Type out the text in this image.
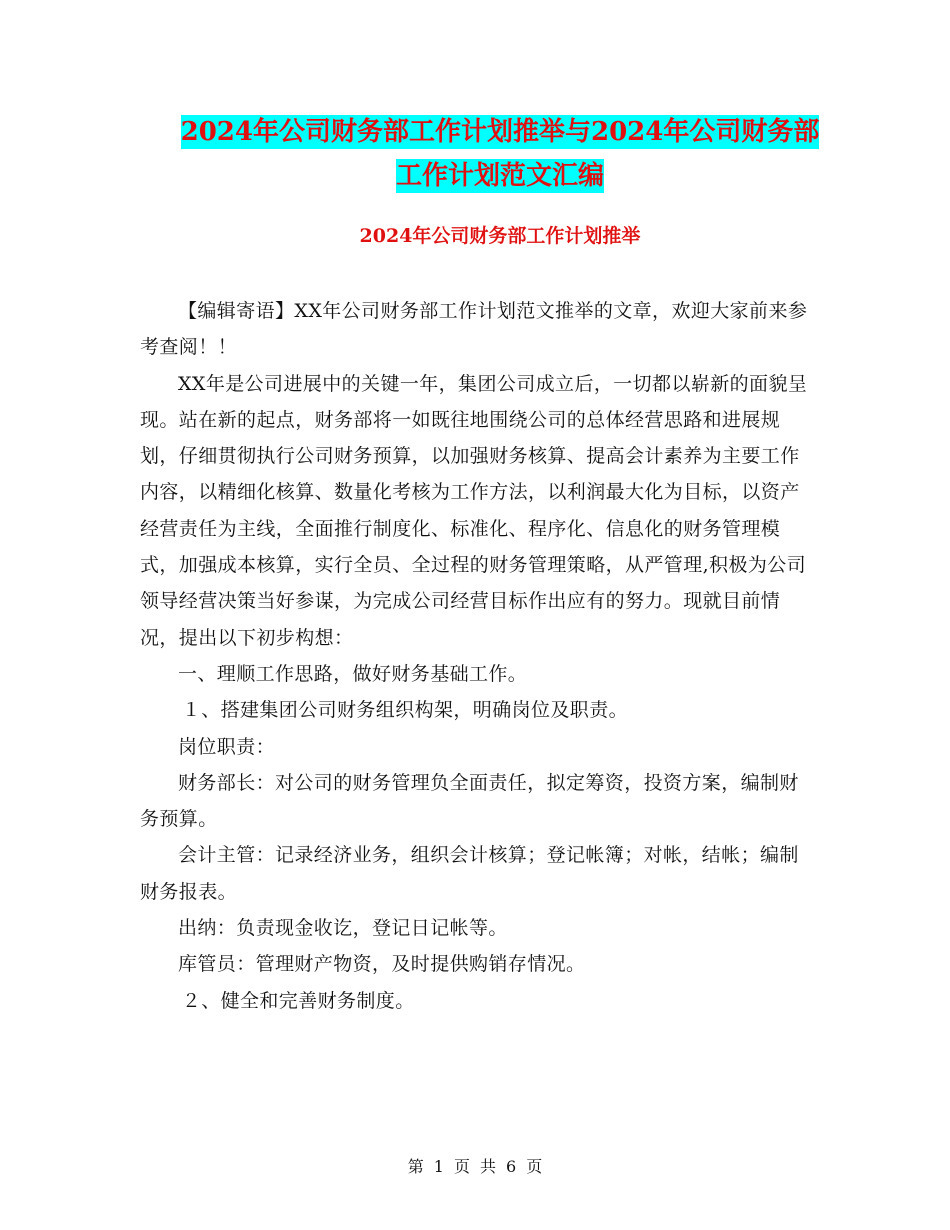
2024年公司财务部工作计划推举与2024年公司财务部
工作计划范文汇编
2024年公司财务部工作计划推举

【编辑寄语】XX年公司财务部工作计划范文推举的文章，欢迎大家前来参考查阅！！

XX年是公司进展中的关键一年，集团公司成立后，一切都以崭新的面貌呈现。站在新的起点，财务部将一如既往地围绕公司的总体经营思路和进展规划，仔细贯彻执行公司财务预算，以加强财务核算、提高会计素养为主要工作内容，以精细化核算、数量化考核为工作方法，以利润最大化为目标，以资产经营责任为主线，全面推行制度化、标准化、程序化、信息化的财务管理模式，加强成本核算，实行全员、全过程的财务管理策略，从严管理,积极为公司领导经营决策当好参谋，为完成公司经营目标作出应有的努力。现就目前情况，提出以下初步构想：

一、理顺工作思路，做好财务基础工作。

１、搭建集团公司财务组织构架，明确岗位及职责。

岗位职责：

财务部长：对公司的财务管理负全面责任，拟定筹资，投资方案，编制财务预算。

会计主管：记录经济业务，组织会计核算；登记帐簿；对帐，结帐；编制财务报表。

出纳：负责现金收讫，登记日记帐等。

库管员：管理财产物资，及时提供购销存情况。

２、健全和完善财务制度。

第 1 页 共 6 页
